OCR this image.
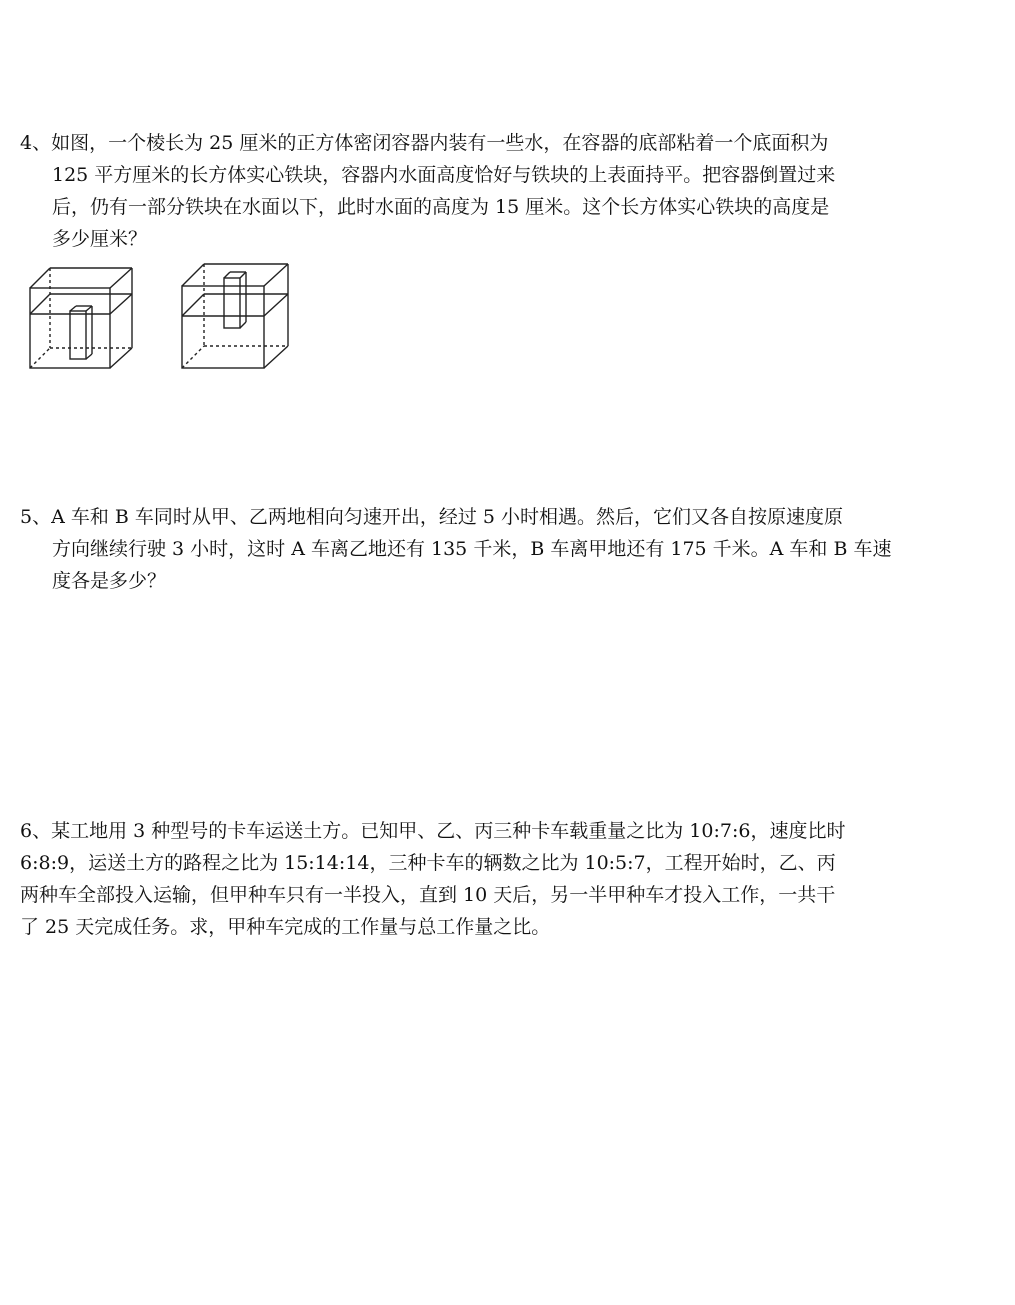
4、如图，一个棱长为 25 厘米的正方体密闭容器内装有一些水，在容器的底部粘着一个底面积为
125 平方厘米的长方体实心铁块，容器内水面高度恰好与铁块的上表面持平。把容器倒置过来
后，仍有一部分铁块在水面以下，此时水面的高度为 15 厘米。这个长方体实心铁块的高度是
多少厘米？
5、A 车和 B 车同时从甲、乙两地相向匀速开出，经过 5 小时相遇。然后，它们又各自按原速度原
方向继续行驶 3 小时，这时 A 车离乙地还有 135 千米，B 车离甲地还有 175 千米。A 车和 B 车速
度各是多少？
6、某工地用 3 种型号的卡车运送土方。已知甲、乙、丙三种卡车载重量之比为 10:7:6，速度比时
6:8:9，运送土方的路程之比为 15:14:14，三种卡车的辆数之比为 10:5:7，工程开始时，乙、丙
两种车全部投入运输，但甲种车只有一半投入，直到 10 天后，另一半甲种车才投入工作，一共干
了 25 天完成任务。求，甲种车完成的工作量与总工作量之比。
